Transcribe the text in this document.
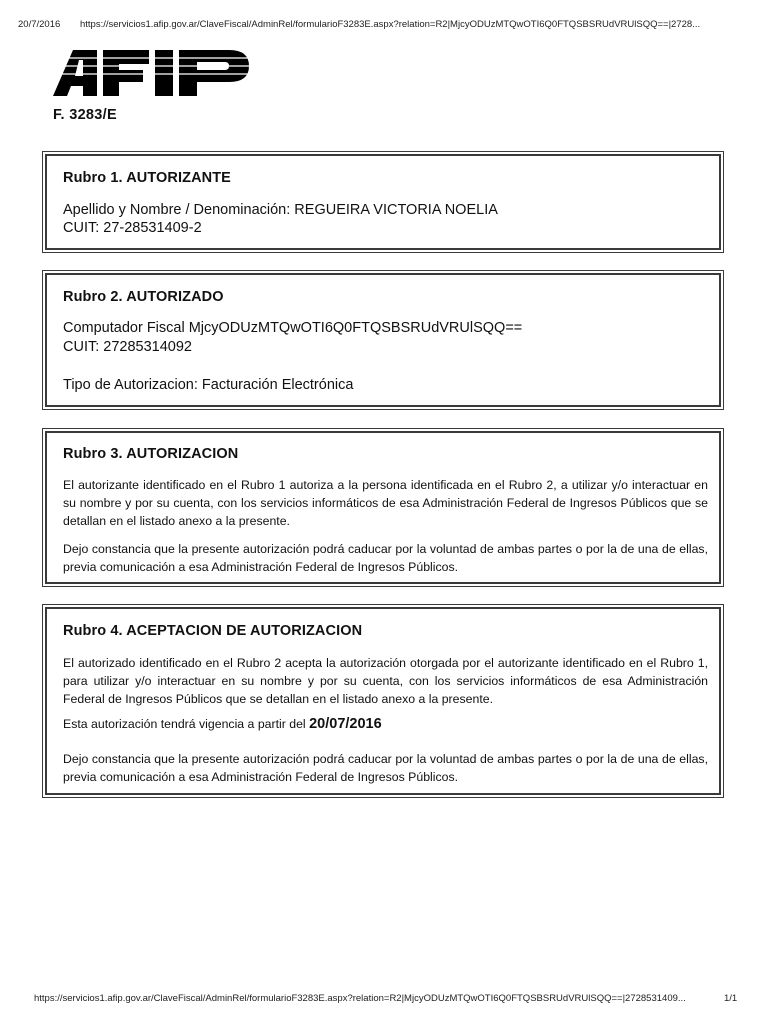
20/7/2016 https://servicios1.afip.gov.ar/ClaveFiscal/AdminRel/formularioF3283E.aspx?relation=R2|MjcyODUzMTQwOTI6Q0FTQSBSRUdVRUlSQQ==|2728...
F. 3283/E
Rubro 1. AUTORIZANTE
Apellido y Nombre / Denominación: REGUEIRA VICTORIA NOELIA
CUIT: 27-28531409-2
Rubro 2. AUTORIZADO
Computador Fiscal MjcyODUzMTQwOTI6Q0FTQSBSRUdVRUlSQQ==
CUIT: 27285314092
Tipo de Autorizacion: Facturación Electrónica
Rubro 3. AUTORIZACION
El autorizante identificado en el Rubro 1 autoriza a la persona identificada en el Rubro 2, a utilizar y/o interactuar en su nombre y por su cuenta, con los servicios informáticos de esa Administración Federal de Ingresos Públicos que se detallan en el listado anexo a la presente.
Dejo constancia que la presente autorización podrá caducar por la voluntad de ambas partes o por la de una de ellas, previa comunicación a esa Administración Federal de Ingresos Públicos.
Rubro 4. ACEPTACION DE AUTORIZACION
El autorizado identificado en el Rubro 2 acepta la autorización otorgada por el autorizante identificado en el Rubro 1, para utilizar y/o interactuar en su nombre y por su cuenta, con los servicios informáticos de esa Administración Federal de Ingresos Públicos que se detallan en el listado anexo a la presente.
Esta autorización tendrá vigencia a partir del 20/07/2016
Dejo constancia que la presente autorización podrá caducar por la voluntad de ambas partes o por la de una de ellas, previa comunicación a esa Administración Federal de Ingresos Públicos.
https://servicios1.afip.gov.ar/ClaveFiscal/AdminRel/formularioF3283E.aspx?relation=R2|MjcyODUzMTQwOTI6Q0FTQSBSRUdVRUlSQQ==|2728531409...	1/1
